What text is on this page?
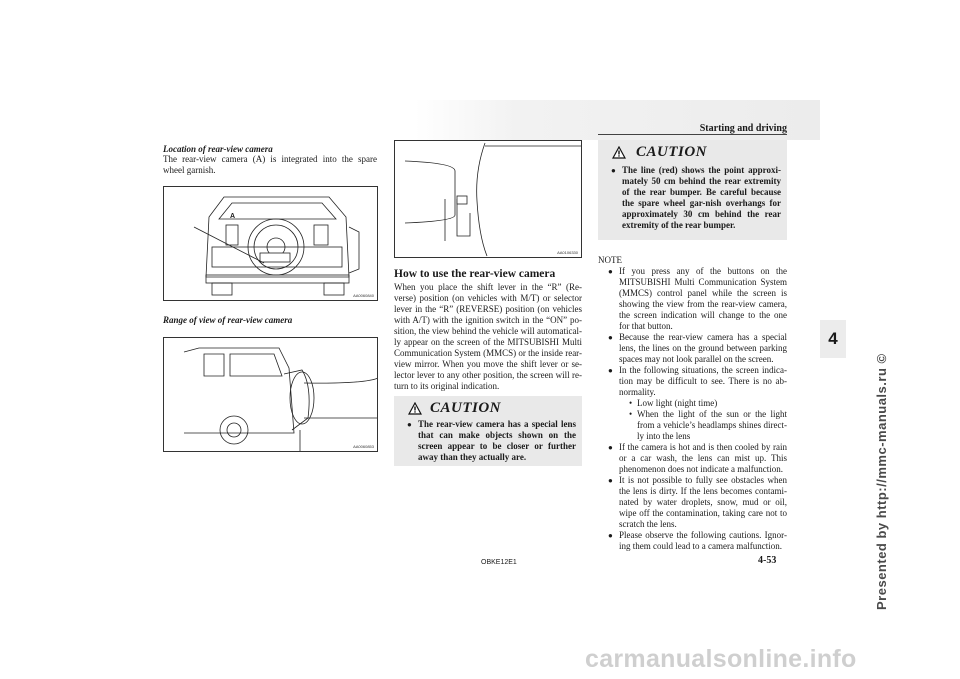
Starting and driving
Location of rear-view camera
The rear-view camera (A) is integrated into the spare wheel garnish.
A
AA0060840
Range of view of rear-view camera
AA0060853
AA0106330
How to use the rear-view camera
When you place the shift lever in the “R” (Re-verse) position (on vehicles with M/T) or selector lever in the “R” (REVERSE) position (on vehicles with A/T) with the ignition switch in the “ON” po-sition, the view behind the vehicle will automatical-ly appear on the screen of the MITSUBISHI Multi Communication System (MMCS) or the inside rear-view mirror. When you move the shift lever or se-lector lever to any other position, the screen will re-turn to its original indication.
CAUTION
● The rear-view camera has a special lens that can make objects shown on the screen appear to be closer or further away than they actually are.
CAUTION
● The line (red) shows the point approxi-mately 50 cm behind the rear extremity of the rear bumper. Be careful because the spare wheel gar-nish overhangs for approximately 30 cm behind the rear extremity of the rear bumper.
NOTE
● If you press any of the buttons on the MITSUBISHI Multi Communication System (MMCS) control panel while the screen is showing the view from the rear-view camera, the screen indication will change to the one for that button.
● Because the rear-view camera has a special lens, the lines on the ground between parking spaces may not look parallel on the screen.
● In the following situations, the screen indica-tion may be difficult to see. There is no ab-normality.
• Low light (night time)
• When the light of the sun or the light from a vehicle’s headlamps shines direct-ly into the lens
● If the camera is hot and is then cooled by rain or a car wash, the lens can mist up. This phenomenon does not indicate a malfunction.
● It is not possible to fully see obstacles when the lens is dirty. If the lens becomes contami-nated by water droplets, snow, mud or oil, wipe off the contamination, taking care not to scratch the lens.
● Please observe the following cautions. Ignor-ing them could lead to a camera malfunction.
4
Presented by http://mmc-manuals.ru ©
OBKE12E1	4-53
carmanualsonline.info
